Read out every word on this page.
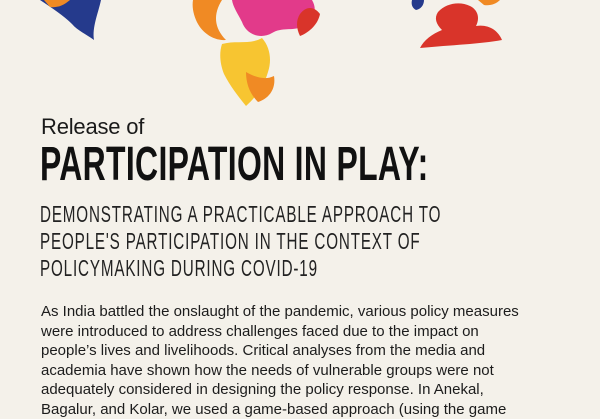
Release of
PARTICIPATION IN PLAY:
DEMONSTRATING A PRACTICABLE APPROACH TO
PEOPLE'S PARTICIPATION IN THE CONTEXT OF
POLICYMAKING DURING COVID-19
As India battled the onslaught of the pandemic, various policy measures
were introduced to address challenges faced due to the impact on
people’s lives and livelihoods. Critical analyses from the media and
academia have shown how the needs of vulnerable groups were not
adequately considered in designing the policy response. In Anekal,
Bagalur, and Kolar, we used a game-based approach (using the game
